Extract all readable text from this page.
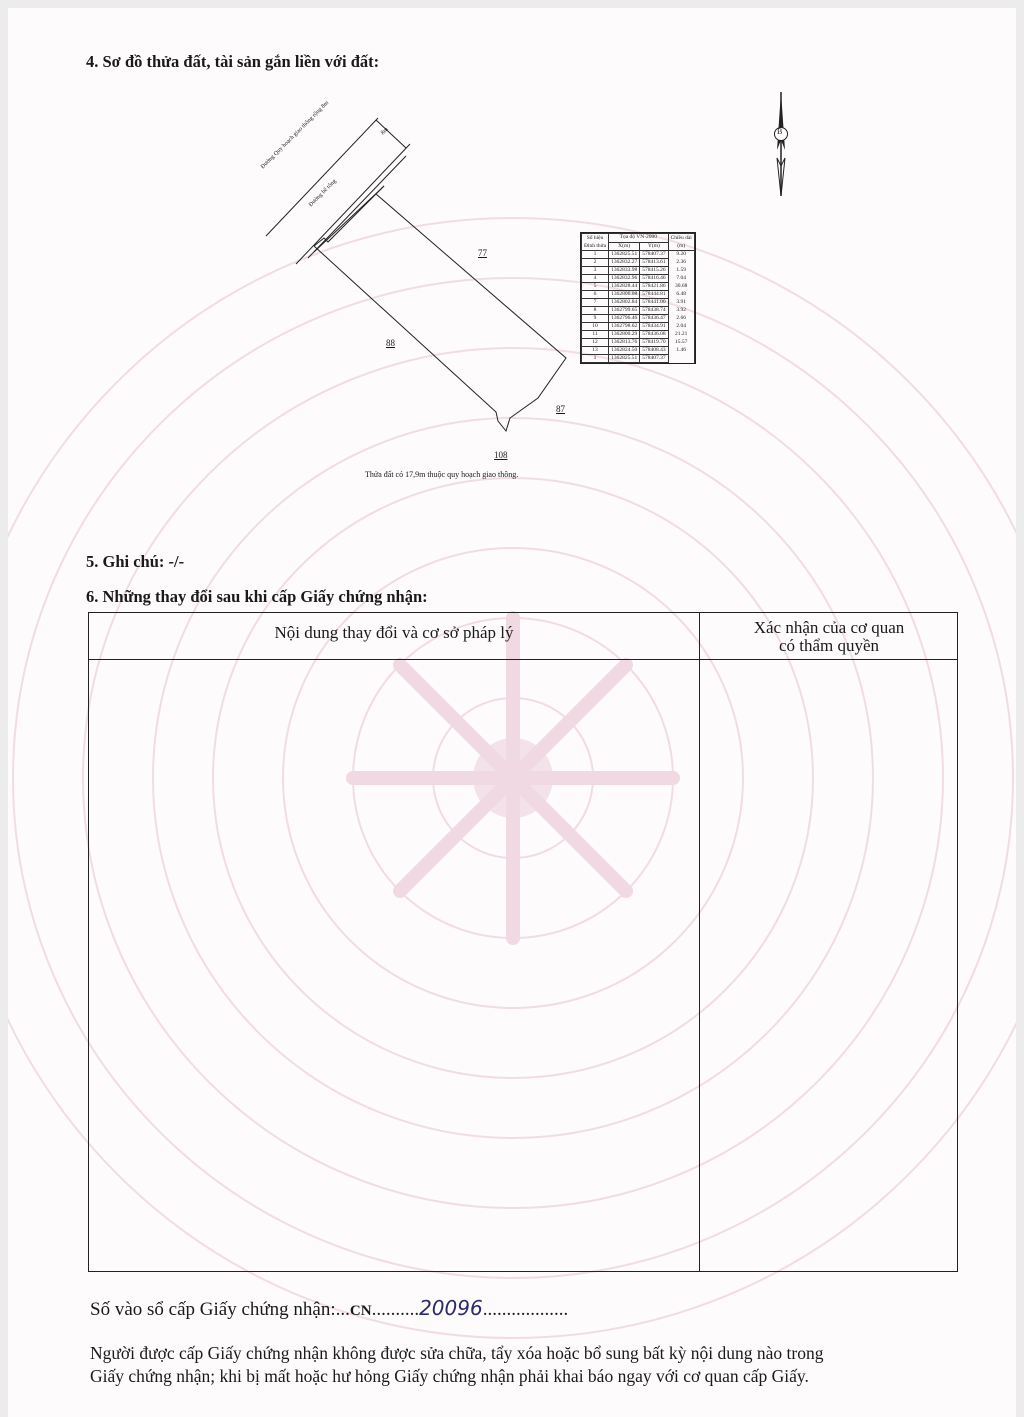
4. Sơ đồ thửa đất, tài sản gắn liền với đất:
Đường Quy hoạch giao thông rộng 8m
Đường bê tông
8m
77
88
87
108
Thửa đất có 17,9m thuộc quy hoạch giao thông.
B
Số hiệu
Đỉnh thửa	Tọa độ VN-2000		Chiều dài
(m)
	X(m)	Y(m)	
1	1362825.51	578407.37	9.20
2	1362832.27	578413.61	2.36
3	1362833.98	578415.26	1.59
4	1362832.96	578416.46	7.04
5	1362828.44	578421.86	30.68
6	1362806.08	578444.81	6.48
7	1362802.84	578441.00	3.91
8	1362799.65	578438.74	3.92
9	1362796.46	578436.47	2.66
10	1362798.62	578434.91	2.04
11	1362800.29	578436.08	21.21
12	1362813.76	578419.70	15.57
13	1362824.50	578408.43	1.46
1	1362825.51	578407.37	
5. Ghi chú: -/-
6. Những thay đổi sau khi cấp Giấy chứng nhận:
Nội dung thay đổi và cơ sở pháp lý	Xác nhận của cơ quan
có thẩm quyền
Số vào sổ cấp Giấy chứng nhận:...CN..........20096..................
Người được cấp Giấy chứng nhận không được sửa chữa, tẩy xóa hoặc bổ sung bất kỳ nội dung nào trong
Giấy chứng nhận; khi bị mất hoặc hư hỏng Giấy chứng nhận phải khai báo ngay với cơ quan cấp Giấy.
